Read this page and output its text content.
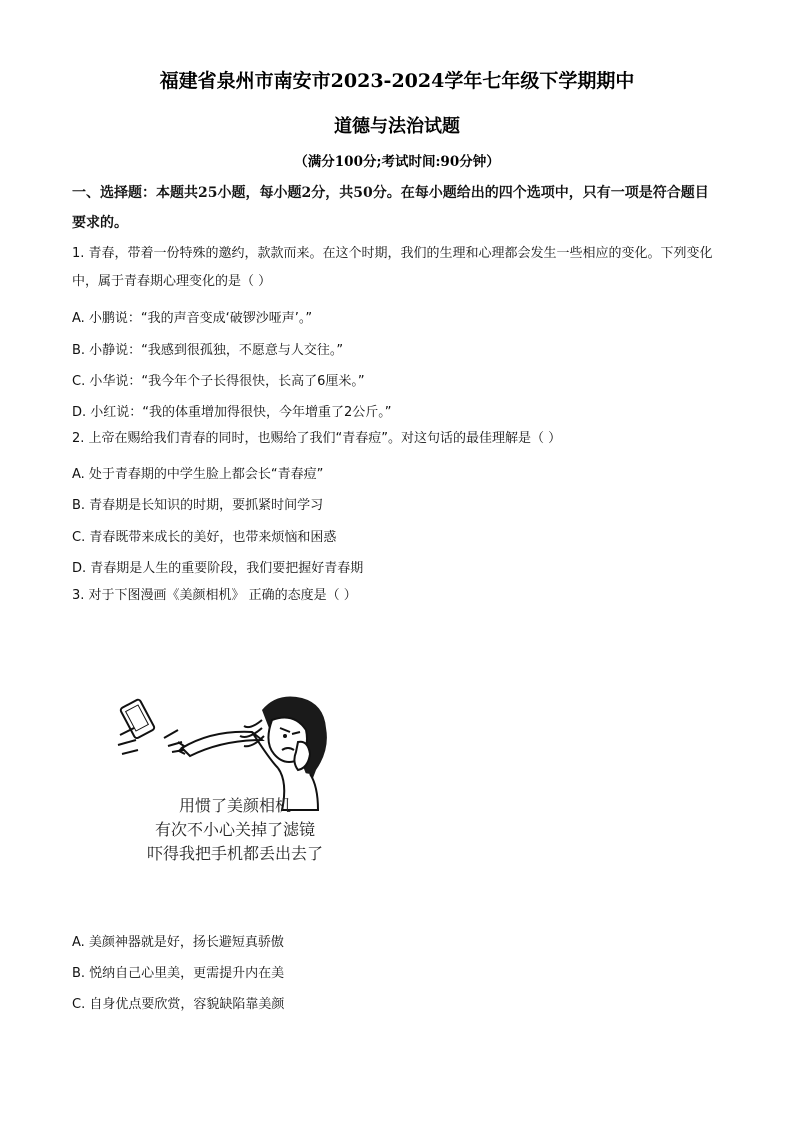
福建省泉州市南安市2023-2024学年七年级下学期期中
道德与法治试题
（满分100分;考试时间:90分钟）
一、选择题：本题共25小题，每小题2分，共50分。在每小题给出的四个选项中，只有一项是符合题目要求的。
1. 青春，带着一份特殊的邀约，款款而来。在这个时期，我们的生理和心理都会发生一些相应的变化。下列变化中，属于青春期心理变化的是（ ）
A. 小鹏说：“我的声音变成‘破锣沙哑声’。”
B. 小静说：“我感到很孤独，不愿意与人交往。”
C. 小华说：“我今年个子长得很快，长高了6厘米。”
D. 小红说：“我的体重增加得很快，今年增重了2公斤。”
2. 上帝在赐给我们青春的同时，也赐给了我们“青春痘”。对这句话的最佳理解是（ ）
A. 处于青春期的中学生脸上都会长“青春痘”
B. 青春期是长知识的时期，要抓紧时间学习
C. 青春既带来成长的美好，也带来烦恼和困惑
D. 青春期是人生的重要阶段，我们要把握好青春期
3. 对于下图漫画《美颜相机》 正确的态度是（ ）
用惯了美颜相机
有次不小心关掉了滤镜
吓得我把手机都丢出去了
A. 美颜神器就是好，扬长避短真骄傲
B. 悦纳自己心里美，更需提升内在美
C. 自身优点要欣赏，容貌缺陷靠美颜
